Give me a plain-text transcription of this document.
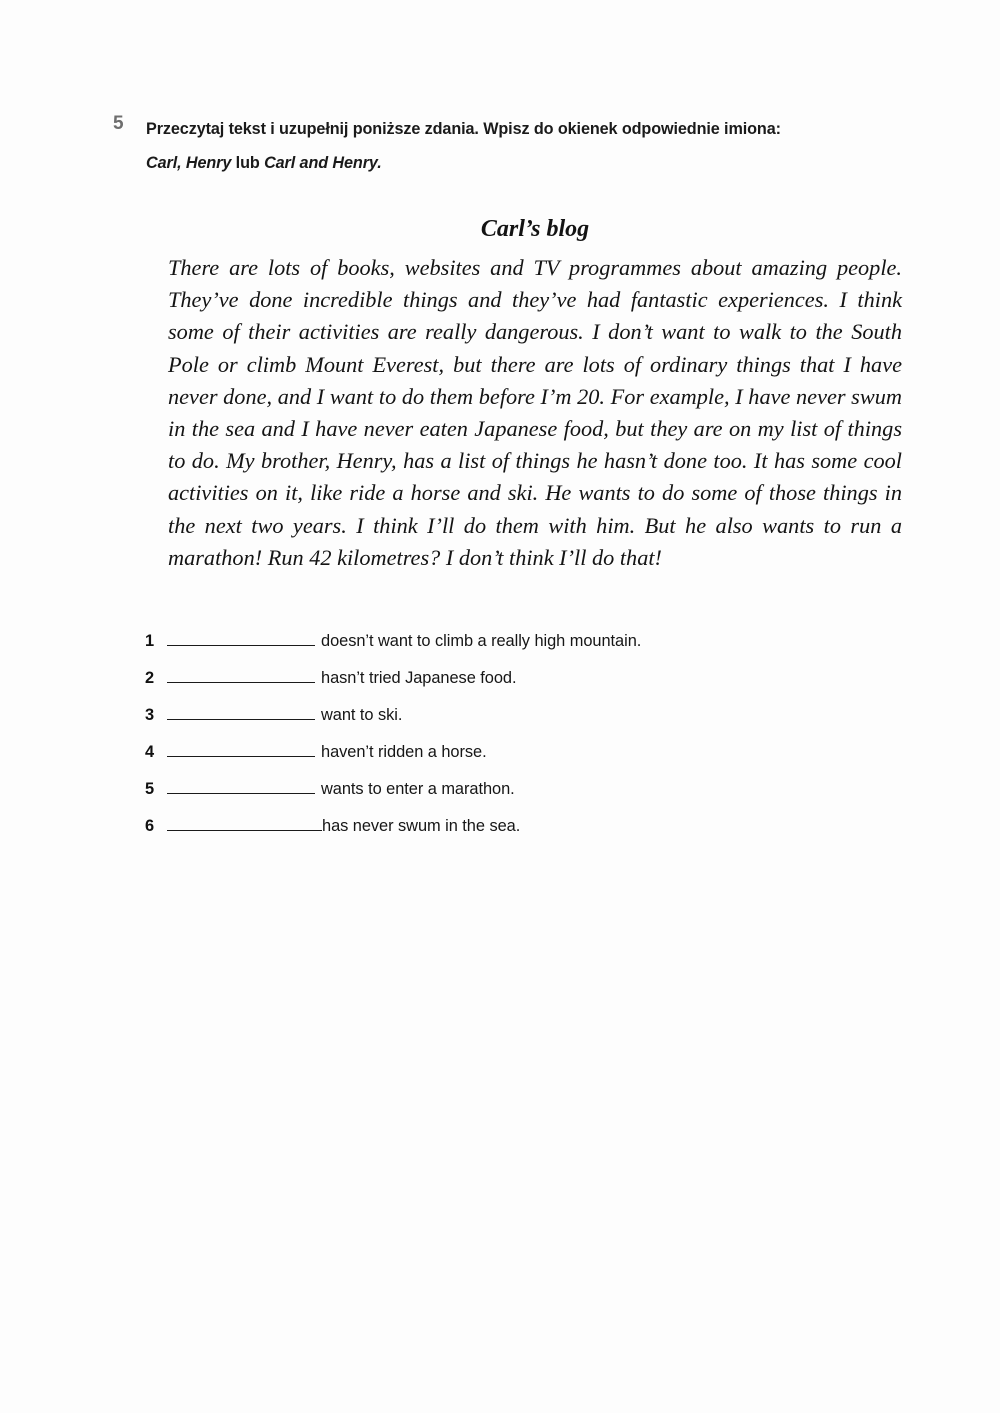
5 Przeczytaj tekst i uzupełnij poniższe zdania. Wpisz do okienek odpowiednie imiona:
Carl, Henry lub Carl and Henry.
Carl’s blog
There are lots of books, websites and TV programmes about amazing people. They’ve done incredible things and they’ve had fantastic experiences. I think some of their activities are really dangerous. I don’t want to walk to the South Pole or climb Mount Everest, but there are lots of ordinary things that I have never done, and I want to do them before I’m 20. For example, I have never swum in the sea and I have never eaten Japanese food, but they are on my list of things to do. My brother, Henry, has a list of things he hasn’t done too. It has some cool activities on it, like ride a horse and ski. He wants to do some of those things in the next two years. I think I’ll do them with him. But he also wants to run a marathon! Run 42 kilometres? I don’t think I’ll do that!
1	doesn’t want to climb a really high mountain.
2	hasn’t tried Japanese food.
3	want to ski.
4	haven’t ridden a horse.
5	wants to enter a marathon.
6	has never swum in the sea.
